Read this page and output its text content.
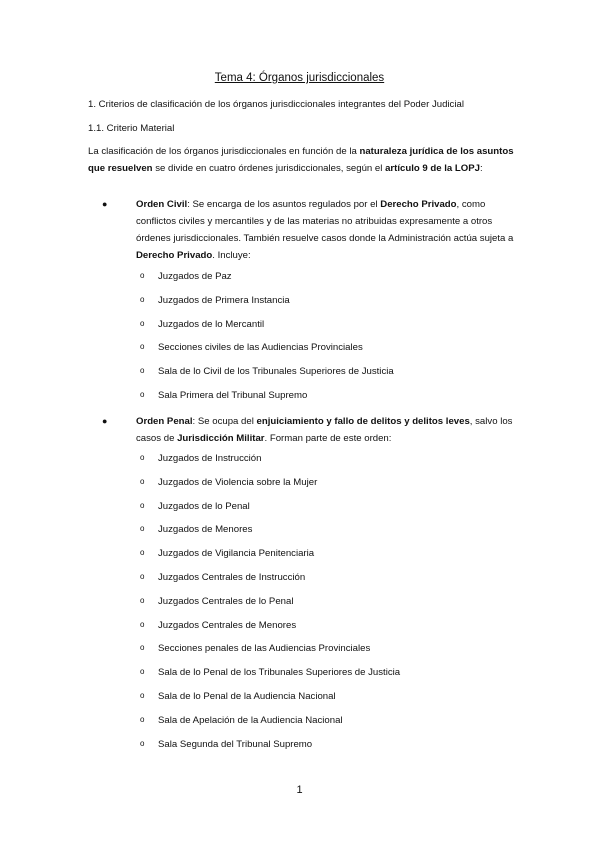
Tema 4: Órganos jurisdiccionales
1. Criterios de clasificación de los órganos jurisdiccionales integrantes del Poder Judicial
1.1. Criterio Material
La clasificación de los órganos jurisdiccionales en función de la naturaleza jurídica de los asuntos que resuelven se divide en cuatro órdenes jurisdiccionales, según el artículo 9 de la LOPJ:
●	Orden Civil: Se encarga de los asuntos regulados por el Derecho Privado, como conflictos civiles y mercantiles y de las materias no atribuidas expresamente a otros órdenes jurisdiccionales. También resuelve casos donde la Administración actúa sujeta a Derecho Privado. Incluye:
o Juzgados de Paz
o Juzgados de Primera Instancia
o Juzgados de lo Mercantil
o Secciones civiles de las Audiencias Provinciales
o Sala de lo Civil de los Tribunales Superiores de Justicia
o Sala Primera del Tribunal Supremo
●	Orden Penal: Se ocupa del enjuiciamiento y fallo de delitos y delitos leves, salvo los casos de Jurisdicción Militar. Forman parte de este orden:
o Juzgados de Instrucción
o Juzgados de Violencia sobre la Mujer
o Juzgados de lo Penal
o Juzgados de Menores
o Juzgados de Vigilancia Penitenciaria
o Juzgados Centrales de Instrucción
o Juzgados Centrales de lo Penal
o Juzgados Centrales de Menores
o Secciones penales de las Audiencias Provinciales
o Sala de lo Penal de los Tribunales Superiores de Justicia
o Sala de lo Penal de la Audiencia Nacional
o Sala de Apelación de la Audiencia Nacional
o Sala Segunda del Tribunal Supremo
1
